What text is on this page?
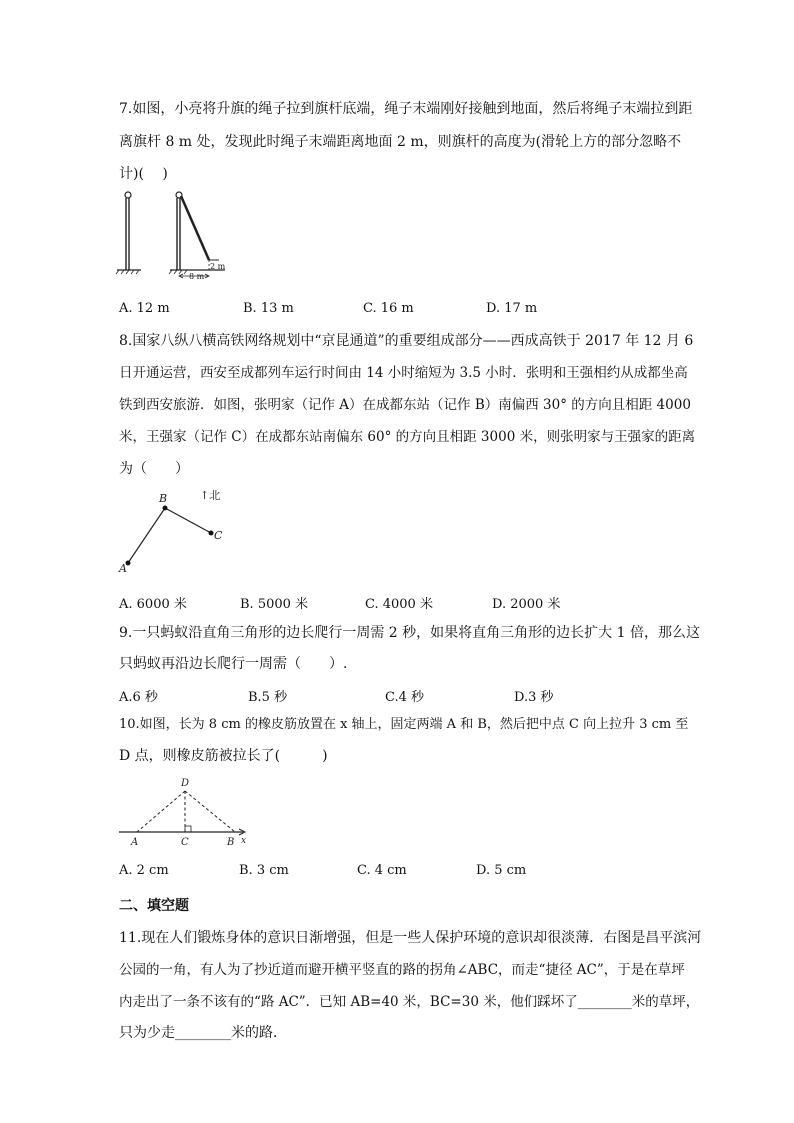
7.如图，小亮将升旗的绳子拉到旗杆底端，绳子末端刚好接触到地面，然后将绳子末端拉到距
离旗杆 8 m 处，发现此时绳子末端距离地面 2 m，则旗杆的高度为(滑轮上方的部分忽略不
计)(　 )
2 m
8 m
A. 12 m	B. 13 m	C. 16 m	D. 17 m
8.国家八纵八横高铁网络规划中“京昆通道”的重要组成部分——西成高铁于 2017 年 12 月 6
日开通运营，西安至成都列车运行时间由 14 小时缩短为 3.5 小时．张明和王强相约从成都坐高
铁到西安旅游．如图，张明家（记作 A）在成都东站（记作 B）南偏西 30° 的方向且相距 4000
米，王强家（记作 C）在成都东站南偏东 60° 的方向且相距 3000 米，则张明家与王强家的距离
为（　　）
A
B
C
↑北
A. 6000 米	B. 5000 米	C. 4000 米	D. 2000 米
9.一只蚂蚁沿直角三角形的边长爬行一周需 2 秒，如果将直角三角形的边长扩大 1 倍，那么这
只蚂蚁再沿边长爬行一周需（　　）.
A.6 秒	B.5 秒	C.4 秒	D.3 秒
10.如图，长为 8 cm 的橡皮筋放置在 x 轴上，固定两端 A 和 B，然后把中点 C 向上拉升 3 cm 至
D 点，则橡皮筋被拉长了(　　　)
D
A	C	B x
A. 2 cm	B. 3 cm	C. 4 cm	D. 5 cm
二、填空题
11.现在人们锻炼身体的意识日渐增强，但是一些人保护环境的意识却很淡薄．右图是昌平滨河
公园的一角，有人为了抄近道而避开横平竖直的路的拐角∠ABC，而走“捷径 AC”，于是在草坪
内走出了一条不该有的“路 AC”．已知 AB=40 米，BC=30 米，他们踩坏了________米的草坪，
只为少走________米的路．
